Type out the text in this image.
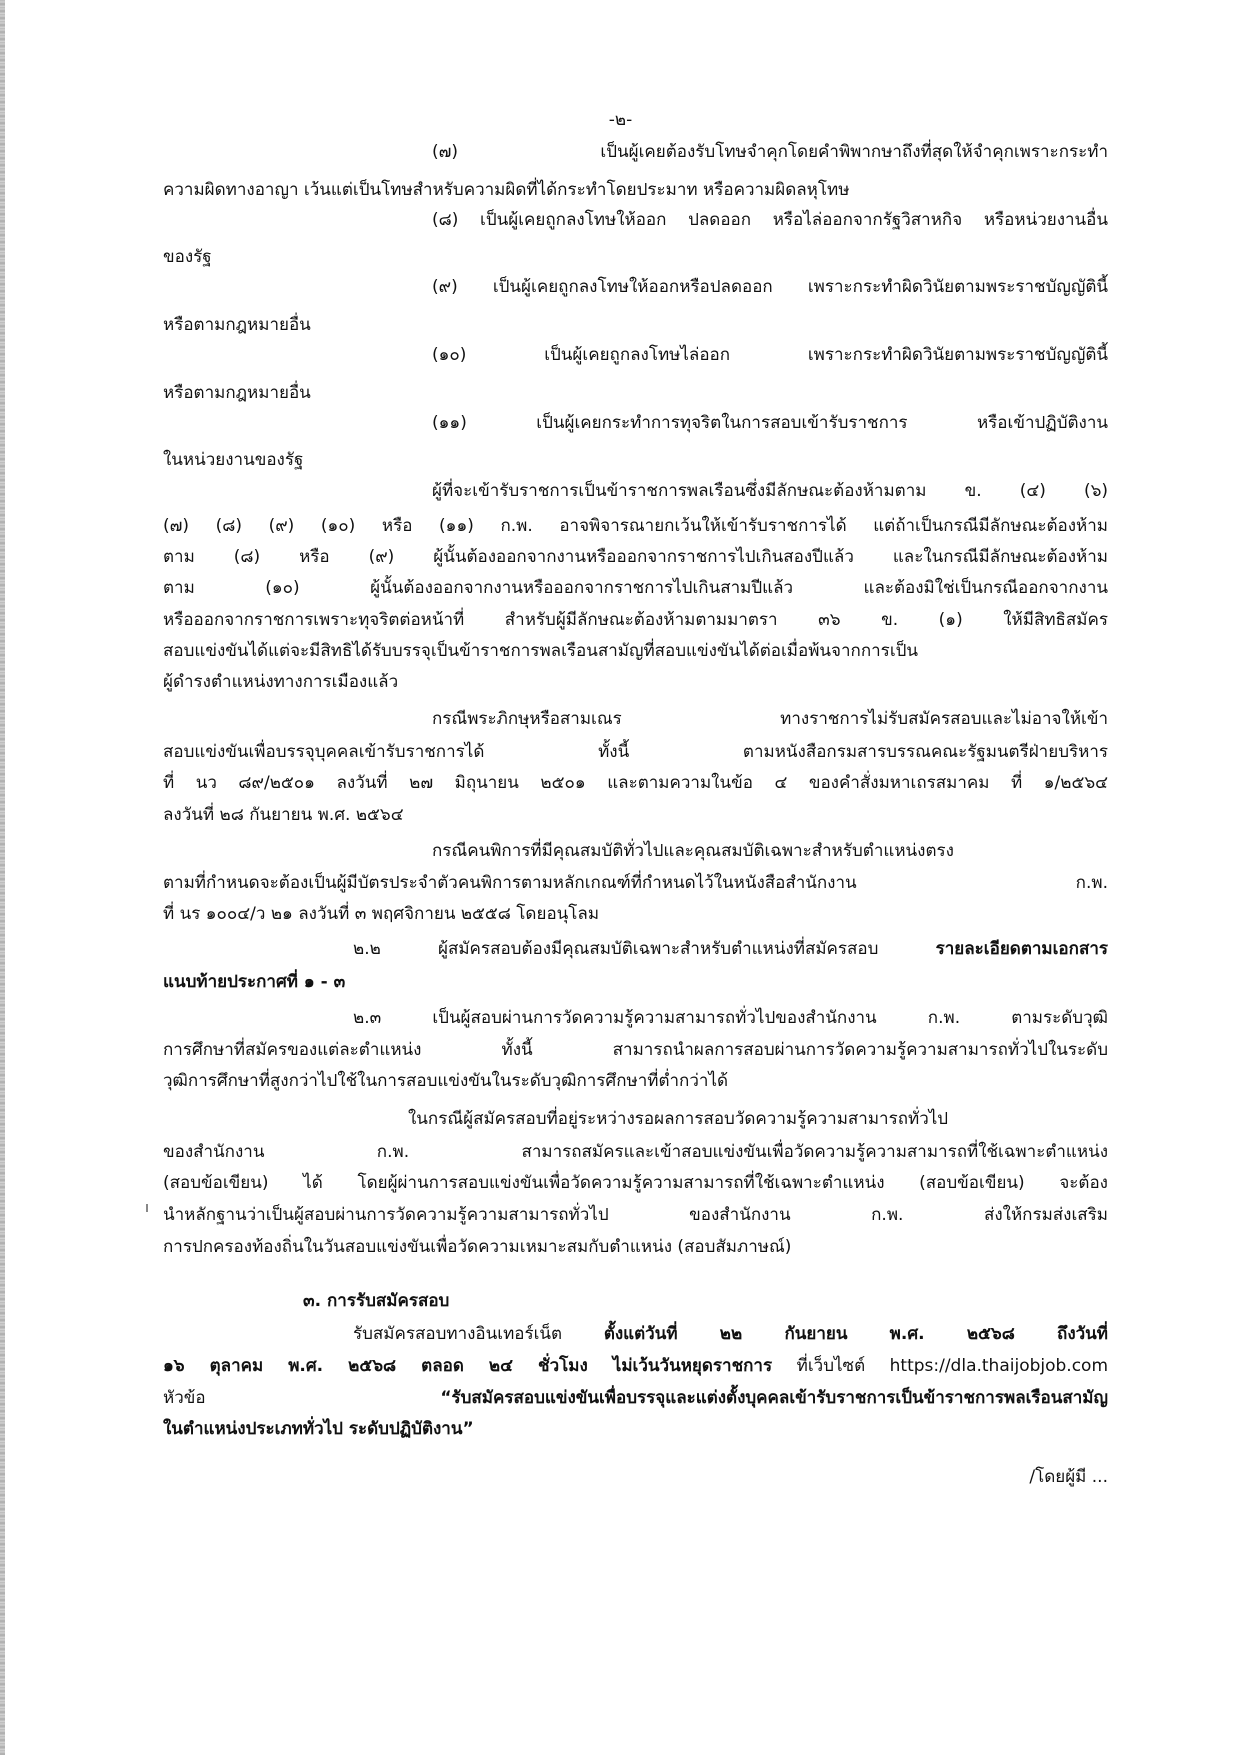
-๒-

(๗) เป็นผู้เคยต้องรับโทษจำคุกโดยคำพิพากษาถึงที่สุดให้จำคุกเพราะกระทำ

ความผิดทางอาญา เว้นแต่เป็นโทษสำหรับความผิดที่ได้กระทำโดยประมาท หรือความผิดลหุโทษ

(๘) เป็นผู้เคยถูกลงโทษให้ออก ปลดออก หรือไล่ออกจากรัฐวิสาหกิจ หรือหน่วยงานอื่น

ของรัฐ

(๙) เป็นผู้เคยถูกลงโทษให้ออกหรือปลดออก เพราะกระทำผิดวินัยตามพระราชบัญญัตินี้

หรือตามกฎหมายอื่น

(๑๐) เป็นผู้เคยถูกลงโทษไล่ออก เพราะกระทำผิดวินัยตามพระราชบัญญัตินี้

หรือตามกฎหมายอื่น

(๑๑) เป็นผู้เคยกระทำการทุจริตในการสอบเข้ารับราชการ หรือเข้าปฏิบัติงาน

ในหน่วยงานของรัฐ

ผู้ที่จะเข้ารับราชการเป็นข้าราชการพลเรือนซึ่งมีลักษณะต้องห้ามตาม ข. (๔) (๖)

(๗) (๘) (๙) (๑๐) หรือ (๑๑) ก.พ. อาจพิจารณายกเว้นให้เข้ารับราชการได้ แต่ถ้าเป็นกรณีมีลักษณะต้องห้าม

ตาม (๘) หรือ (๙) ผู้นั้นต้องออกจากงานหรือออกจากราชการไปเกินสองปีแล้ว และในกรณีมีลักษณะต้องห้าม

ตาม (๑๐) ผู้นั้นต้องออกจากงานหรือออกจากราชการไปเกินสามปีแล้ว และต้องมิใช่เป็นกรณีออกจากงาน

หรือออกจากราชการเพราะทุจริตต่อหน้าที่ สำหรับผู้มีลักษณะต้องห้ามตามมาตรา ๓๖ ข. (๑) ให้มีสิทธิสมัคร

สอบแข่งขันได้แต่จะมีสิทธิได้รับบรรจุเป็นข้าราชการพลเรือนสามัญที่สอบแข่งขันได้ต่อเมื่อพ้นจากการเป็น

ผู้ดำรงตำแหน่งทางการเมืองแล้ว

กรณีพระภิกษุหรือสามเณร ทางราชการไม่รับสมัครสอบและไม่อาจให้เข้า

สอบแข่งขันเพื่อบรรจุบุคคลเข้ารับราชการได้ ทั้งนี้ ตามหนังสือกรมสารบรรณคณะรัฐมนตรีฝ่ายบริหาร

ที่ นว ๘๙/๒๕๐๑ ลงวันที่ ๒๗ มิถุนายน ๒๕๐๑ และตามความในข้อ ๔ ของคำสั่งมหาเถรสมาคม ที่ ๑/๒๕๖๔

ลงวันที่ ๒๘ กันยายน พ.ศ. ๒๕๖๔

กรณีคนพิการที่มีคุณสมบัติทั่วไปและคุณสมบัติเฉพาะสำหรับตำแหน่งตรง

ตามที่กำหนดจะต้องเป็นผู้มีบัตรประจำตัวคนพิการตามหลักเกณฑ์ที่กำหนดไว้ในหนังสือสำนักงาน ก.พ.

ที่ นร ๑๐๐๔/ว ๒๑ ลงวันที่ ๓ พฤศจิกายน ๒๕๕๘ โดยอนุโลม

๒.๒ ผู้สมัครสอบต้องมีคุณสมบัติเฉพาะสำหรับตำแหน่งที่สมัครสอบ	รายละเอียดตามเอกสาร

แนบท้ายประกาศที่ ๑ - ๓

๒.๓ เป็นผู้สอบผ่านการวัดความรู้ความสามารถทั่วไปของสำนักงาน ก.พ. ตามระดับวุฒิ

การศึกษาที่สมัครของแต่ละตำแหน่ง ทั้งนี้ สามารถนำผลการสอบผ่านการวัดความรู้ความสามารถทั่วไปในระดับ

วุฒิการศึกษาที่สูงกว่าไปใช้ในการสอบแข่งขันในระดับวุฒิการศึกษาที่ต่ำกว่าได้

ในกรณีผู้สมัครสอบที่อยู่ระหว่างรอผลการสอบวัดความรู้ความสามารถทั่วไป

ของสำนักงาน ก.พ. สามารถสมัครและเข้าสอบแข่งขันเพื่อวัดความรู้ความสามารถที่ใช้เฉพาะตำแหน่ง

(สอบข้อเขียน) ได้ โดยผู้ผ่านการสอบแข่งขันเพื่อวัดความรู้ความสามารถที่ใช้เฉพาะตำแหน่ง (สอบข้อเขียน) จะต้อง

นำหลักฐานว่าเป็นผู้สอบผ่านการวัดความรู้ความสามารถทั่วไป ของสำนักงาน ก.พ. ส่งให้กรมส่งเสริม

การปกครองท้องถิ่นในวันสอบแข่งขันเพื่อวัดความเหมาะสมกับตำแหน่ง (สอบสัมภาษณ์)

๓. การรับสมัครสอบ

รับสมัครสอบทางอินเทอร์เน็ต ตั้งแต่วันที่ ๒๒ กันยายน พ.ศ. ๒๕๖๘ ถึงวันที่

๑๖ ตุลาคม พ.ศ. ๒๕๖๘ ตลอด ๒๔ ชั่วโมง ไม่เว้นวันหยุดราชการ ที่เว็บไซต์ https://dla.thaijobjob.com

หัวข้อ	“รับสมัครสอบแข่งขันเพื่อบรรจุและแต่งตั้งบุคคลเข้ารับราชการเป็นข้าราชการพลเรือนสามัญ

ในตำแหน่งประเภททั่วไป ระดับปฏิบัติงาน”

/โดยผู้มี ...
